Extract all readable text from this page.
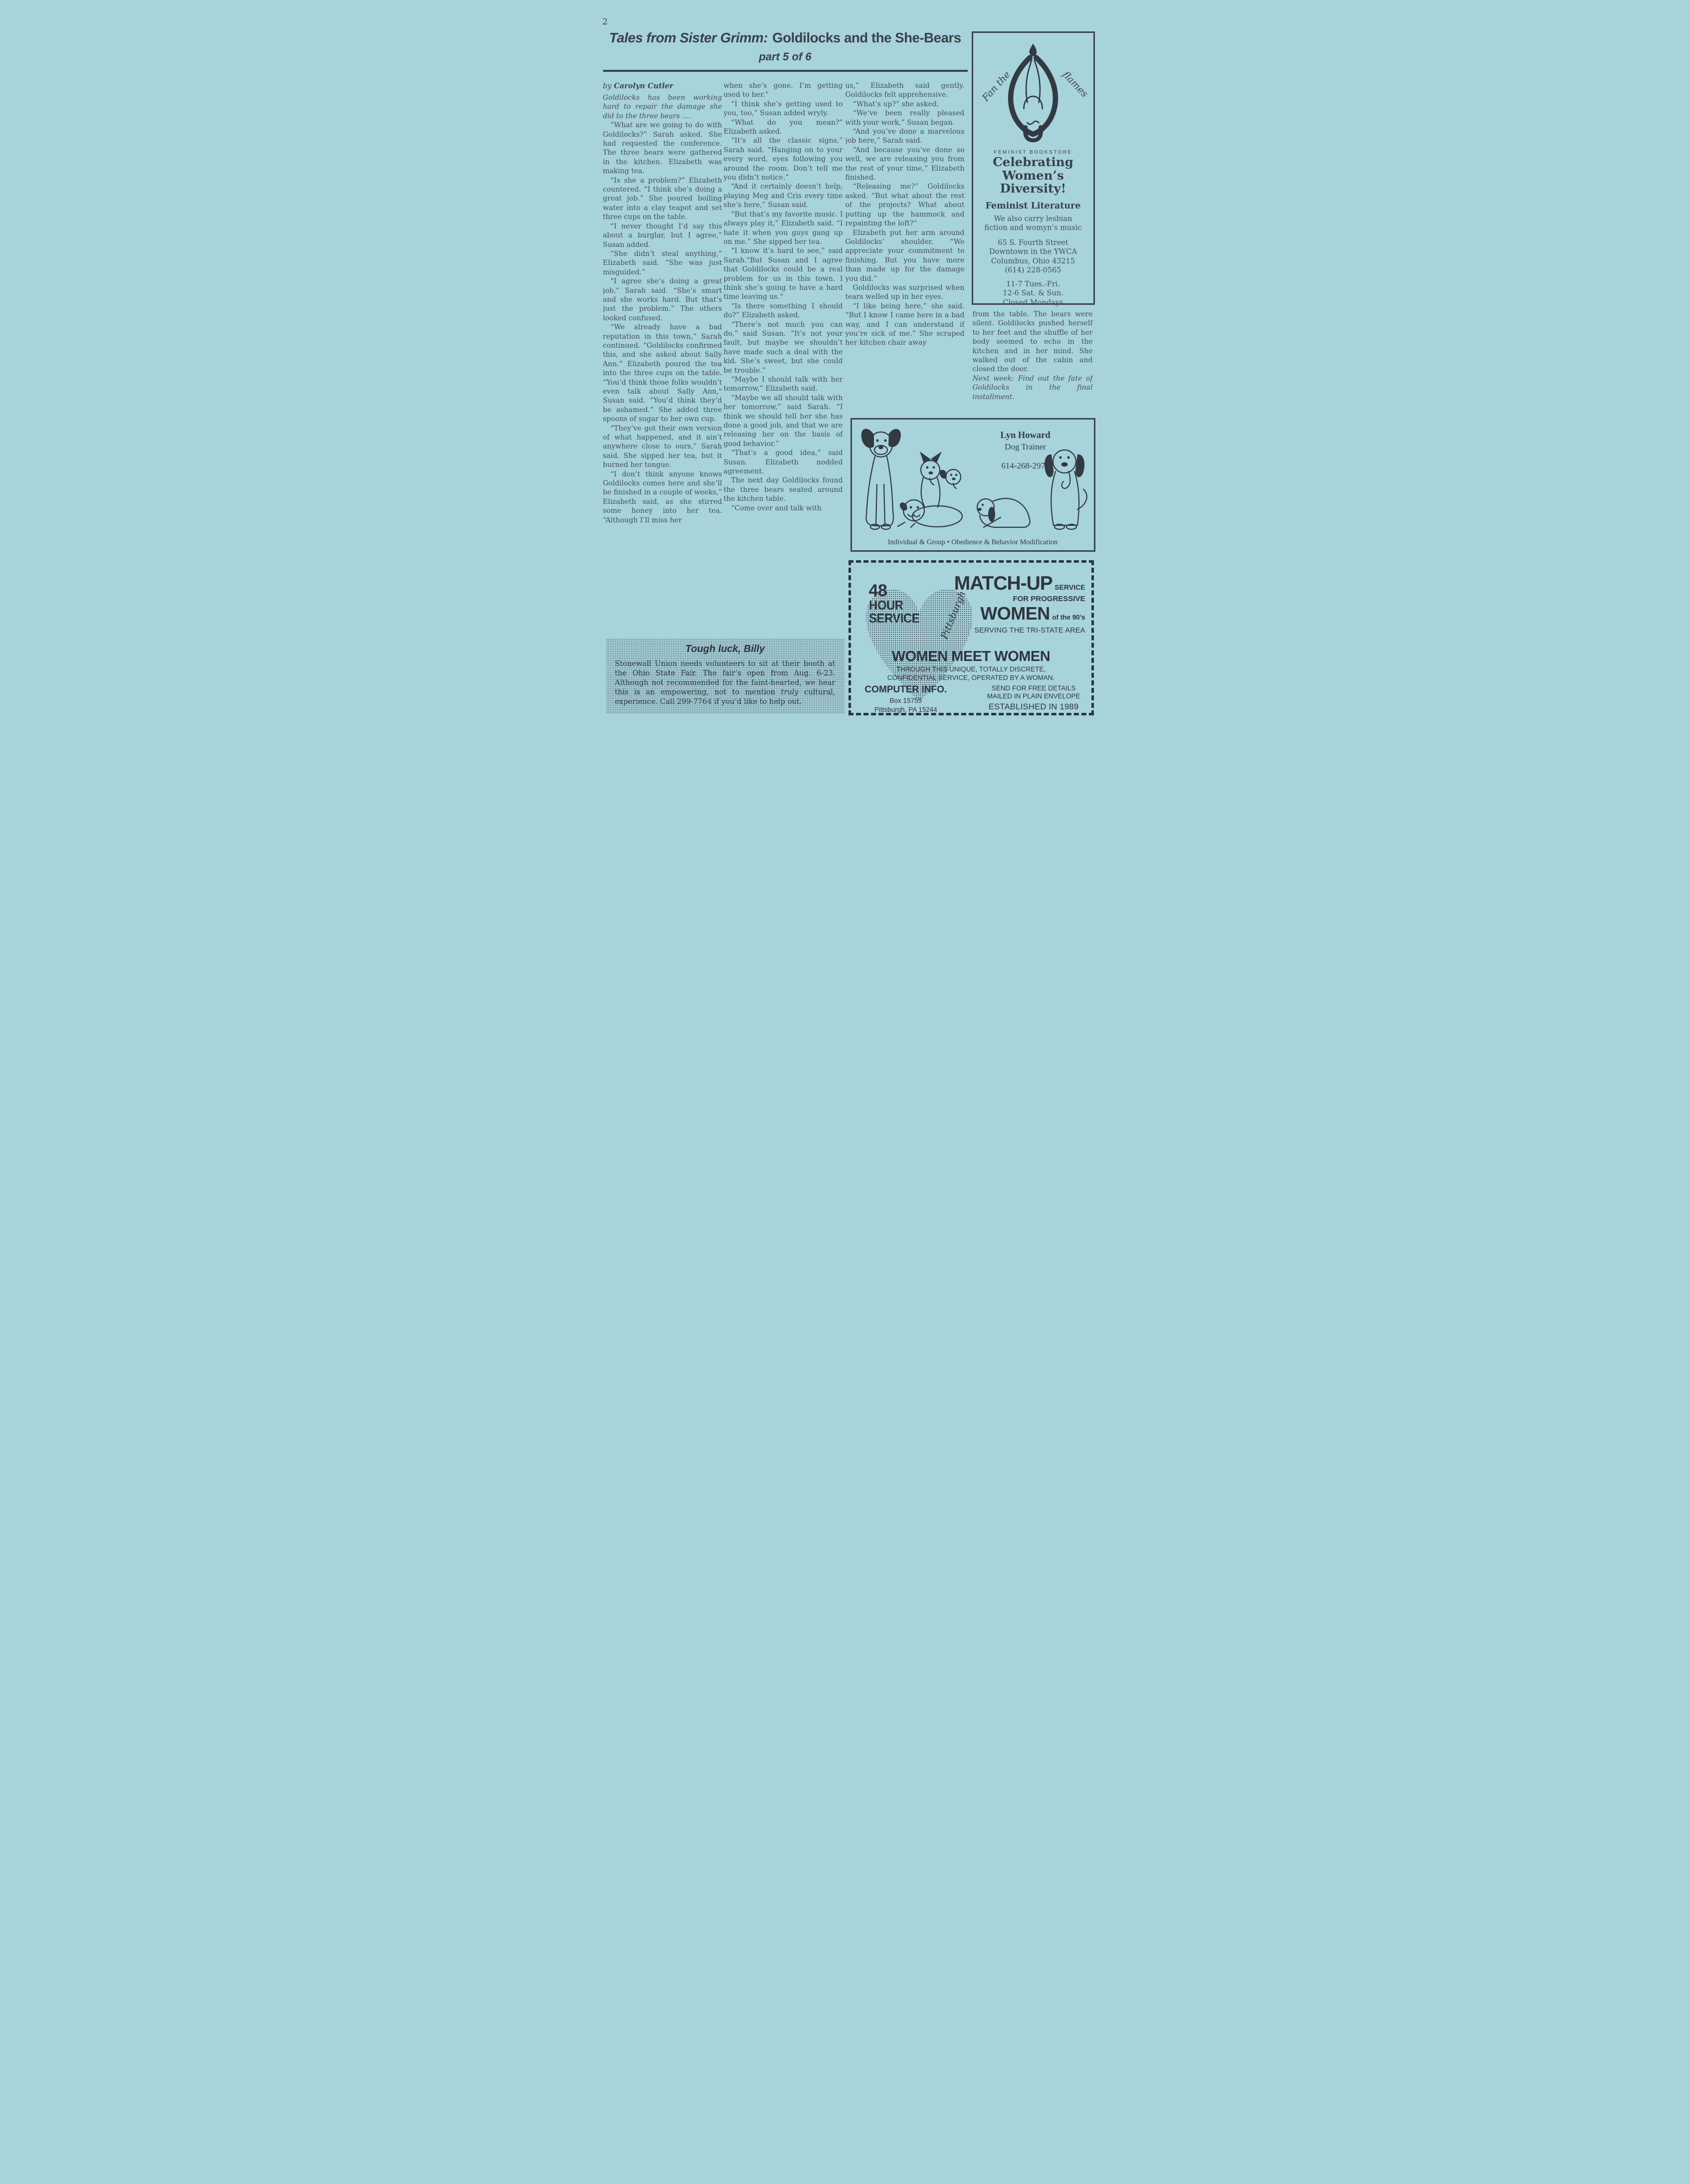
2
Tales from Sister Grimm: Goldilocks and the She-Bears
part 5 of 6

by Carolyn Cutler

Goldilocks has been working hard to repair the damage she did to the three bears ....

“What are we going to do with Goldilocks?” Sarah asked. She had requested the conference. The three bears were gathered in the kitchen. Elizabeth was making tea.

“Is she a problem?” Elizabeth countered. “I think she’s doing a great job.” She poured boiling water into a clay teapot and set three cups on the table.

“I never thought I’d say this about a burglar, but I agree,” Susan added.

“She didn’t steal anything,” Elizabeth said. “She was just misguided.”

“I agree she’s doing a great job,” Sarah said. “She’s smart and she works hard. But that’s just the problem.” The others looked confused.

“We already have a bad reputation in this town,” Sarah continued. “Goldilocks confirmed this, and she asked about Sally Ann.” Elizabeth poured the tea into the three cups on the table. “You’d think those folks wouldn’t even talk about Sally Ann," Susan said. “You’d think they’d be ashamed.” She added three spoons of sugar to her own cup.

“They’ve got their own version of what happened, and it ain’t anywhere close to ours,” Sarah said. She sipped her tea, but it burned her tongue.

“I don’t think anyone knows Goldilocks comes here and she’ll be finished in a couple of weeks,” Elizabeth said, as she stirred some honey into her tea. “Although I’ll miss her

when she’s gone. I’m getting used to her.”

“I think she’s getting used to you, too,” Susan added wryly.

“What do you mean?” Elizabeth asked.

“It’s all the classic signs,” Sarah said. “Hanging on to your every word, eyes following you around the room. Don’t tell me you didn’t notice.”

“And it certainly doesn’t help, playing Meg and Cris every time she’s here,” Susan said.

“But that’s my favorite music. I always play it,” Elizabeth said. “I hate it when you guys gang up on me.” She sipped her tea.

“I know it’s hard to see,” said Sarah."But Susan and I agree that Goldilocks could be a real problem for us in this town. I think she’s going to have a hard time leaving us."

“Is there something I should do?” Elizabeth asked.

“There’s not much you can do,” said Susan. “It’s not your fault, but maybe we shouldn’t have made such a deal with the kid. She’s sweet, but she could be trouble.”

“Maybe I should talk with her tomorrow,” Elizabeth said.

“Maybe we all should talk with her tomorrow,” said Sarah. “I think we should tell her she has done a good job, and that we are releasing her on the basis of good behavior.”

“That’s a good idea,” said Susan. Elizabeth nodded agreement.

The next day Goldilocks found the three bears seated around the kitchen table.

“Come over and talk with

us,” Elizabeth said gently. Goldilocks felt apprehensive.

“What’s up?” she asked.

“We’ve been really pleased with your work,” Susan began.

“And you’ve done a marvelous job here,” Sarah said.

“And because you’ve done so well, we are releasing you from the rest of your time,” Elizabeth finished.

“Releasing me?” Goldilocks asked. “But what about the rest of the projects? What about putting up the hammock and repainting the loft?”

Elizabeth put her arm around Goldilocks’ shoulder. “We appreciate your commitment to finishing. But you have more than made up for the damage you did.”

Goldilocks was surprised when tears welled up in her eyes.

“I like being here,” she said. “But I know I came here in a bad way, and I can understand if you’re sick of me.” She scraped her kitchen chair away

from the table. The bears were silent. Goldilocks pushed herself to her feet and the shuffle of her body seemed to echo in the kitchen and in her mind. She walked out of the cabin and closed the door.

Next week: Find out the fate of Goldilocks in the final installment.

Fan the	flames
FEMINIST BOOKSTORE
Celebrating
Women’s
Diversity!
Feminist Literature
We also carry lesbian fiction and womyn’s music
65 S. Fourth Street
Downtown in the YWCA
Columbus, Ohio 43215
(614) 228-0565
11-7 Tues.-Fri.
12-6 Sat. & Sun.
Closed Mondays
Lyn Howard
Dog Trainer
614-268-2973
Individual & Group • Obedience & Behavior Modification
Tough luck, Billy
Stonewall Union needs volunteers to sit at their booth at the Ohio State Fair. The fair’s open from Aug. 6-23. Although not recommended for the faint-hearted, we hear this is an empowering, not to mention truly cultural, experience. Call 299-7764 if you’d like to help out.
48
HOUR
SERVICE Pittsburgh
MATCH-UP SERVICE
FOR PROGRESSIVE
WOMEN of the 90’s
SERVING THE TRI-STATE AREA
WOMEN MEET WOMEN
THROUGH THIS UNIQUE, TOTALLY DISCRETE,
CONFIDENTIAL SERVICE, OPERATED BY A WOMAN.
COMPUTER INFO.
Box 15755
Pittsburgh, PA 15244
SEND FOR FREE DETAILS
MAILED IN PLAIN ENVELOPE
ESTABLISHED IN 1989
